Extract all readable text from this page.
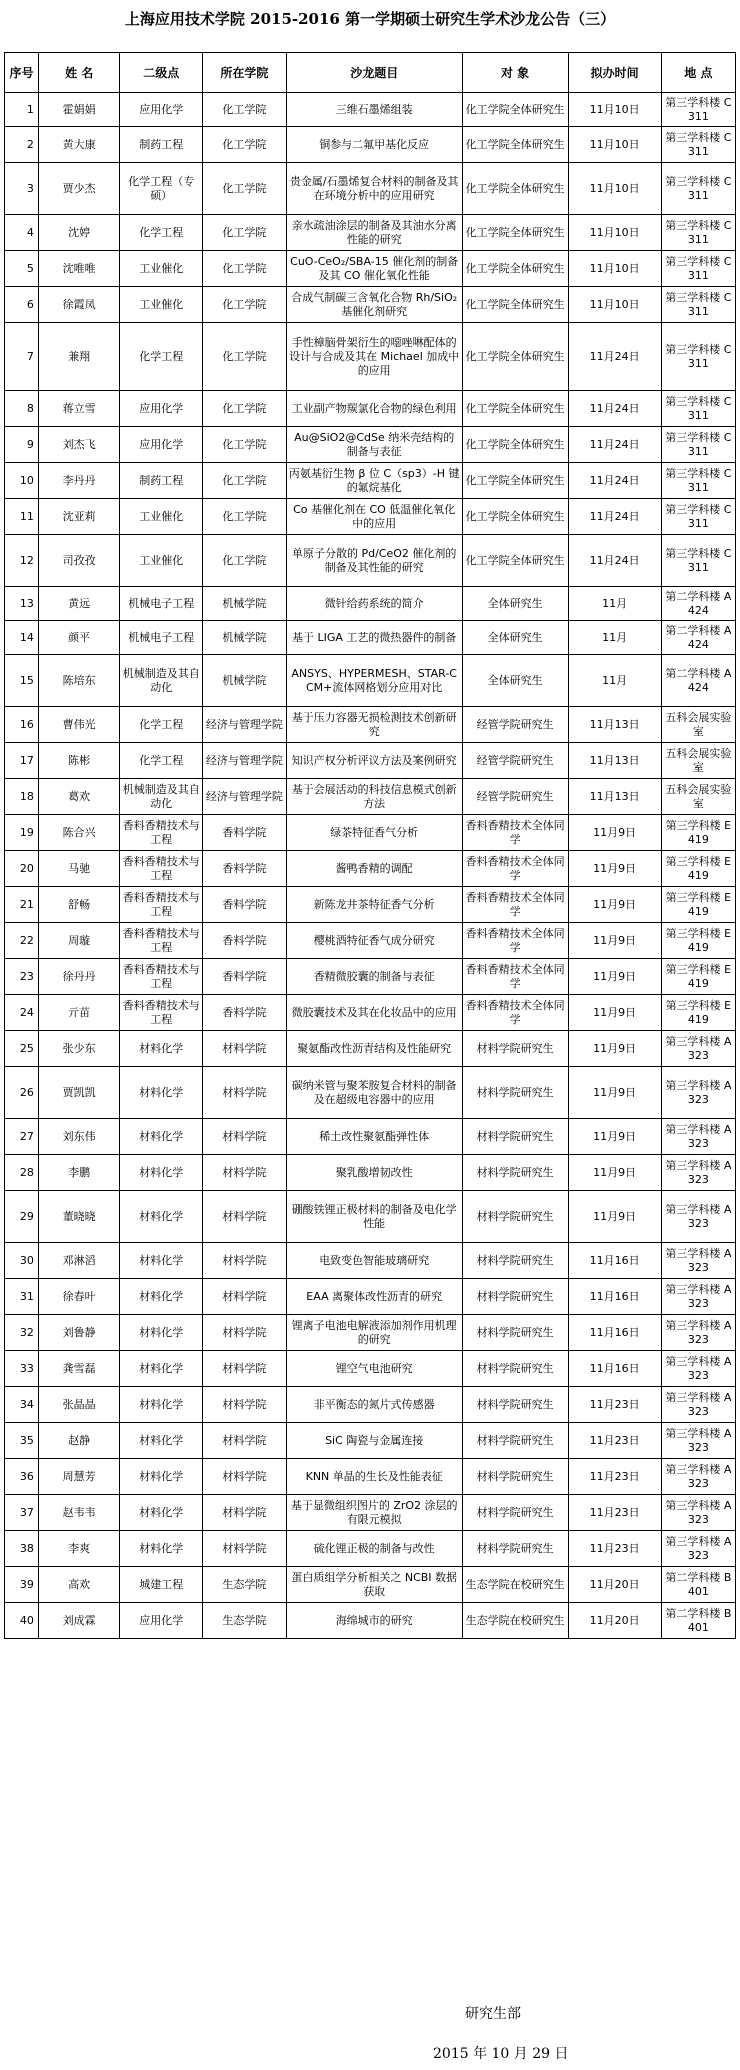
上海应用技术学院 2015-2016 第一学期硕士研究生学术沙龙公告（三）
序号	姓 名	二级点	所在学院	沙龙题目	对 象	拟办时间	地 点
1	霍娟娟	应用化学	化工学院	三维石墨烯组装	化工学院全体研究生	11月10日	第三学科楼 C311
2	黄大康	制药工程	化工学院	铜参与二氟甲基化反应	化工学院全体研究生	11月10日	第三学科楼 C311
3	贾少杰	化学工程（专硕）	化工学院	贵金属/石墨烯复合材料的制备及其在环境分析中的应用研究	化工学院全体研究生	11月10日	第三学科楼 C311
4	沈婷	化学工程	化工学院	亲水疏油涂层的制备及其油水分离性能的研究	化工学院全体研究生	11月10日	第三学科楼 C311
5	沈唯唯	工业催化	化工学院	CuO-CeO₂/SBA-15 催化剂的制备及其 CO 催化氧化性能	化工学院全体研究生	11月10日	第三学科楼 C311
6	徐霞凤	工业催化	化工学院	合成气制碳三含氧化合物 Rh/SiO₂ 基催化剂研究	化工学院全体研究生	11月10日	第三学科楼 C311
7	兼翔	化学工程	化工学院	手性樟脑骨架衍生的噁唑啉配体的设计与合成及其在 Michael 加成中的应用	化工学院全体研究生	11月24日	第三学科楼 C311
8	蒋立雪	应用化学	化工学院	工业副产物羰氯化合物的绿色利用	化工学院全体研究生	11月24日	第三学科楼 C311
9	刘杰飞	应用化学	化工学院	Au@SiO2@CdSe 纳米壳结构的制备与表征	化工学院全体研究生	11月24日	第三学科楼 C311
10	李丹丹	制药工程	化工学院	丙氨基衍生物 β 位 C（sp3）-H 键的氟烷基化	化工学院全体研究生	11月24日	第三学科楼 C311
11	沈亚莉	工业催化	化工学院	Co 基催化剂在 CO 低温催化氧化中的应用	化工学院全体研究生	11月24日	第三学科楼 C311
12	司孜孜	工业催化	化工学院	单原子分散的 Pd/CeO2 催化剂的制备及其性能的研究	化工学院全体研究生	11月24日	第三学科楼 C311
13	黄远	机械电子工程	机械学院	微针给药系统的简介	全体研究生	11月	第二学科楼 A424
14	颜平	机械电子工程	机械学院	基于 LIGA 工艺的微热器件的制备	全体研究生	11月	第二学科楼 A424
15	陈培东	机械制造及其自动化	机械学院	ANSYS、HYPERMESH、STAR-CCM+流体网格划分应用对比	全体研究生	11月	第二学科楼 A424
16	曹伟光	化学工程	经济与管理学院	基于压力容器无损检测技术创新研究	经管学院研究生	11月13日	五科会展实验室
17	陈彬	化学工程	经济与管理学院	知识产权分析评议方法及案例研究	经管学院研究生	11月13日	五科会展实验室
18	葛欢	机械制造及其自动化	经济与管理学院	基于会展活动的科技信息模式创新方法	经管学院研究生	11月13日	五科会展实验室
19	陈合兴	香料香精技术与工程	香料学院	绿茶特征香气分析	香料香精技术全体同学	11月9日	第三学科楼 E419
20	马驰	香料香精技术与工程	香料学院	酱鸭香精的调配	香料香精技术全体同学	11月9日	第三学科楼 E419
21	舒畅	香料香精技术与工程	香料学院	新陈龙井茶特征香气分析	香料香精技术全体同学	11月9日	第三学科楼 E419
22	周璇	香料香精技术与工程	香料学院	樱桃酒特征香气成分研究	香料香精技术全体同学	11月9日	第三学科楼 E419
23	徐丹丹	香料香精技术与工程	香料学院	香精微胶囊的制备与表征	香料香精技术全体同学	11月9日	第三学科楼 E419
24	亓苗	香料香精技术与工程	香料学院	微胶囊技术及其在化妆品中的应用	香料香精技术全体同学	11月9日	第三学科楼 E419
25	张少东	材料化学	材料学院	聚氨酯改性沥青结构及性能研究	材料学院研究生	11月9日	第三学科楼 A323
26	贾凯凯	材料化学	材料学院	碳纳米管与聚苯胺复合材料的制备及在超级电容器中的应用	材料学院研究生	11月9日	第三学科楼 A323
27	刘东伟	材料化学	材料学院	稀土改性聚氨酯弹性体	材料学院研究生	11月9日	第三学科楼 A323
28	李鹏	材料化学	材料学院	聚乳酸增韧改性	材料学院研究生	11月9日	第三学科楼 A323
29	董晓晓	材料化学	材料学院	硼酸铁锂正极材料的制备及电化学性能	材料学院研究生	11月9日	第三学科楼 A323
30	邓淋滔	材料化学	材料学院	电致变色智能玻璃研究	材料学院研究生	11月16日	第三学科楼 A323
31	徐春叶	材料化学	材料学院	EAA 离聚体改性沥青的研究	材料学院研究生	11月16日	第三学科楼 A323
32	刘鲁静	材料化学	材料学院	锂离子电池电解液添加剂作用机理的研究	材料学院研究生	11月16日	第三学科楼 A323
33	龚雪磊	材料化学	材料学院	锂空气电池研究	材料学院研究生	11月16日	第三学科楼 A323
34	张晶晶	材料化学	材料学院	非平衡态的氮片式传感器	材料学院研究生	11月23日	第三学科楼 A323
35	赵静	材料化学	材料学院	SiC 陶瓷与金属连接	材料学院研究生	11月23日	第三学科楼 A323
36	周慧芳	材料化学	材料学院	KNN 单晶的生长及性能表征	材料学院研究生	11月23日	第三学科楼 A323
37	赵韦韦	材料化学	材料学院	基于显微组织图片的 ZrO2 涂层的有限元模拟	材料学院研究生	11月23日	第三学科楼 A323
38	李爽	材料化学	材料学院	硫化锂正极的制备与改性	材料学院研究生	11月23日	第三学科楼 A323
39	高欢	城建工程	生态学院	蛋白质组学分析相关之 NCBI 数据获取	生态学院在校研究生	11月20日	第二学科楼 B401
40	刘成霖	应用化学	生态学院	海绵城市的研究	生态学院在校研究生	11月20日	第二学科楼 B401
研究生部
2015 年 10 月 29 日
